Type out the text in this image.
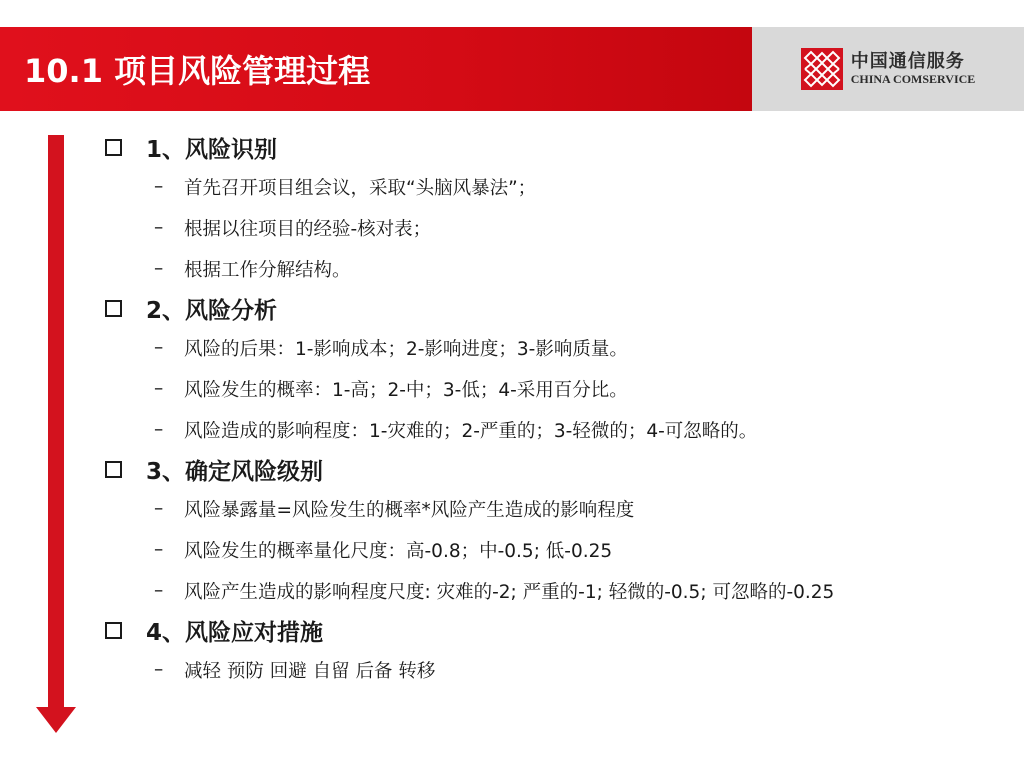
10.1 项目风险管理过程	中国通信服务
CHINA COMSERVICE
1、风险识别
–	首先召开项目组会议，采取“头脑风暴法”；
–	根据以往项目的经验-核对表；
–	根据工作分解结构。
2、风险分析
–	风险的后果：1-影响成本；2-影响进度；3-影响质量。
–	风险发生的概率：1-高；2-中；3-低；4-采用百分比。
–	风险造成的影响程度：1-灾难的；2-严重的；3-轻微的；4-可忽略的。
3、确定风险级别
–	风险暴露量=风险发生的概率*风险产生造成的影响程度
–	风险发生的概率量化尺度：高-0.8；中-0.5; 低-0.25
–	风险产生造成的影响程度尺度: 灾难的-2; 严重的-1; 轻微的-0.5; 可忽略的-0.25
4、风险应对措施
–	减轻 预防 回避 自留 后备 转移
